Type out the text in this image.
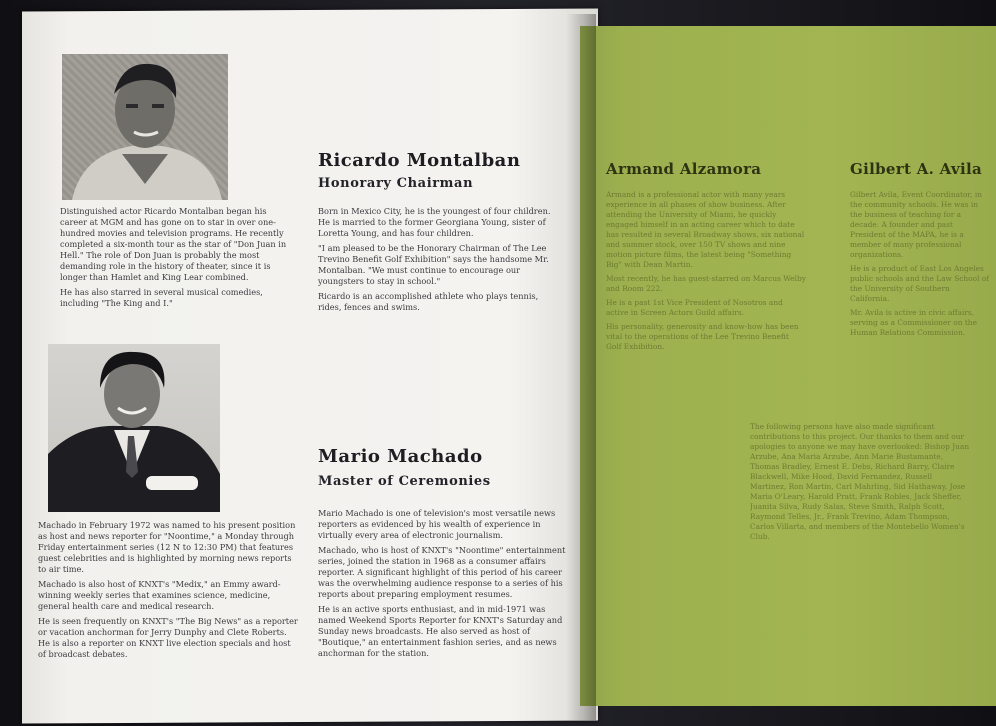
Ricardo Montalban
Honorary Chairman

Distinguished actor Ricardo Montalban began his career at MGM and has gone on to star in over one-hundred movies and television programs. He recently completed a six-month tour as the star of "Don Juan in Hell." The role of Don Juan is probably the most demanding role in the history of theater, since it is longer than Hamlet and King Lear combined.

He has also starred in several musical comedies, including "The King and I."

Born in Mexico City, he is the youngest of four children. He is married to the former Georgiana Young, sister of Loretta Young, and has four children.

"I am pleased to be the Honorary Chairman of The Lee Trevino Benefit Golf Exhibition" says the handsome Mr. Montalban. "We must continue to encourage our youngsters to stay in school."

Ricardo is an accomplished athlete who plays tennis, rides, fences and swims.

Mario Machado
Master of Ceremonies

Machado in February 1972 was named to his present position as host and news reporter for "Noontime," a Monday through Friday entertainment series (12 N to 12:30 PM) that features guest celebrities and is highlighted by morning news reports to air time.

Machado is also host of KNXT's "Medix," an Emmy award-winning weekly series that examines science, medicine, general health care and medical research.

He is seen frequently on KNXT's "The Big News" as a reporter or vacation anchorman for Jerry Dunphy and Clete Roberts. He is also a reporter on KNXT live election specials and host of broadcast debates.

Mario Machado is one of television's most versatile news reporters as evidenced by his wealth of experience in virtually every area of electronic journalism.

Machado, who is host of KNXT's "Noontime" entertainment series, joined the station in 1968 as a consumer affairs reporter. A significant highlight of this period of his career was the overwhelming audience response to a series of his reports about preparing employment resumes.

He is an active sports enthusiast, and in mid-1971 was named Weekend Sports Reporter for KNXT's Saturday and Sunday news broadcasts. He also served as host of "Boutique," an entertainment fashion series, and as news anchorman for the station.

Armand Alzamora

Armand is a professional actor with many years experience in all phases of show business. After attending the University of Miami, he quickly engaged himself in an acting career which to date has resulted in several Broadway shows, six national and summer stock, over 150 TV shows and nine motion picture films, the latest being "Something Big" with Dean Martin.

Most recently, he has guest-starred on Marcus Welby and Room 222.

He is a past 1st Vice President of Nosotros and active in Screen Actors Guild affairs.

His personality, generosity and know-how has been vital to the operations of the Lee Trevino Benefit Golf Exhibition.

Gilbert A. Avila

Gilbert Avila, Event Coordinator, in the community schools. He was in the business of teaching for a decade. A founder and past President of the MAPA, he is a member of many professional organizations.

He is a product of East Los Angeles public schools and the Law School of the University of Southern California.

Mr. Avila is active in civic affairs, serving as a Commissioner on the Human Relations Commission.

The following persons have also made significant contributions to this project. Our thanks to them and our apologies to anyone we may have overlooked: Bishop Juan Arzube, Ana Maria Arzube, Ann Marie Bustamante, Thomas Bradley, Ernest E. Debs, Richard Barry, Claire Blackwell, Mike Hood, David Fernandez, Russell Martinez, Ron Martin, Carl Mahrling, Sid Hathaway, Jose Maria O'Leary, Harold Pratt, Frank Robles, Jack Sheffer, Juanita Silva, Rudy Salas, Steve Smith, Ralph Scott, Raymond Telles, Jr., Frank Trevino, Adam Thompson, Carlos Villarta, and members of the Montebello Women's Club.
